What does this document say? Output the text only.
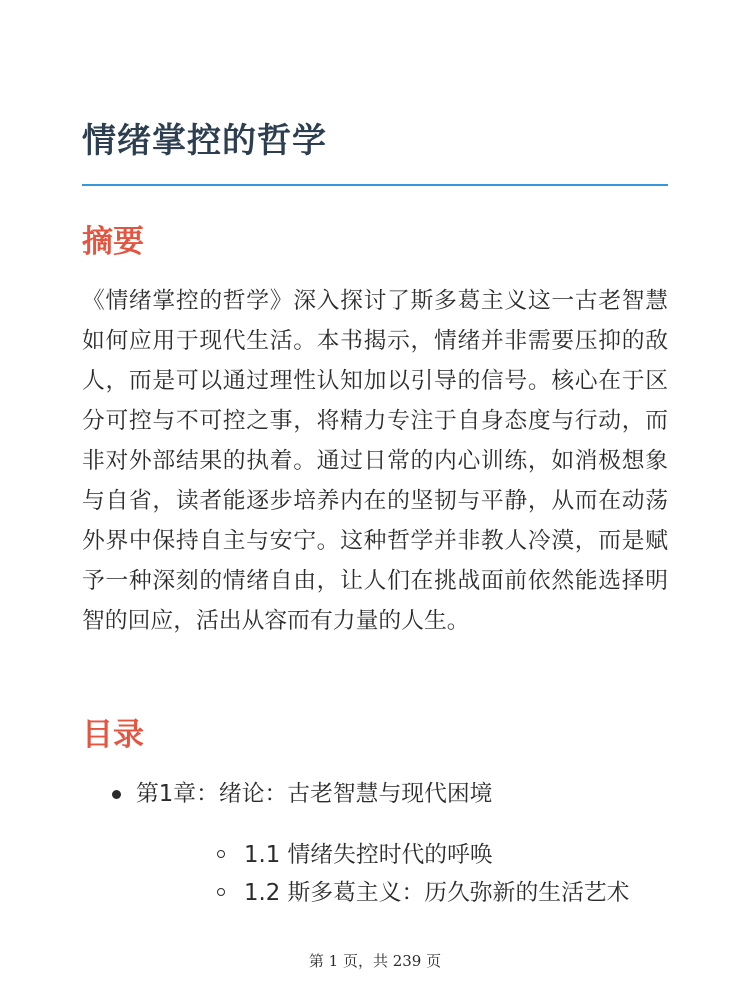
情绪掌控的哲学
摘要

《情绪掌控的哲学》深入探讨了斯多葛主义这一古老智慧如何应用于现代生活。本书揭示，情绪并非需要压抑的敌人，而是可以通过理性认知加以引导的信号。核心在于区分可控与不可控之事，将精力专注于自身态度与行动，而非对外部结果的执着。通过日常的内心训练，如消极想象与自省，读者能逐步培养内在的坚韧与平静，从而在动荡外界中保持自主与安宁。这种哲学并非教人冷漠，而是赋予一种深刻的情绪自由，让人们在挑战面前依然能选择明智的回应，活出从容而有力量的人生。

目录
第1章：绪论：古老智慧与现代困境
1.1 情绪失控时代的呼唤
1.2 斯多葛主义：历久弥新的生活艺术
第 1 页，共 239 页
